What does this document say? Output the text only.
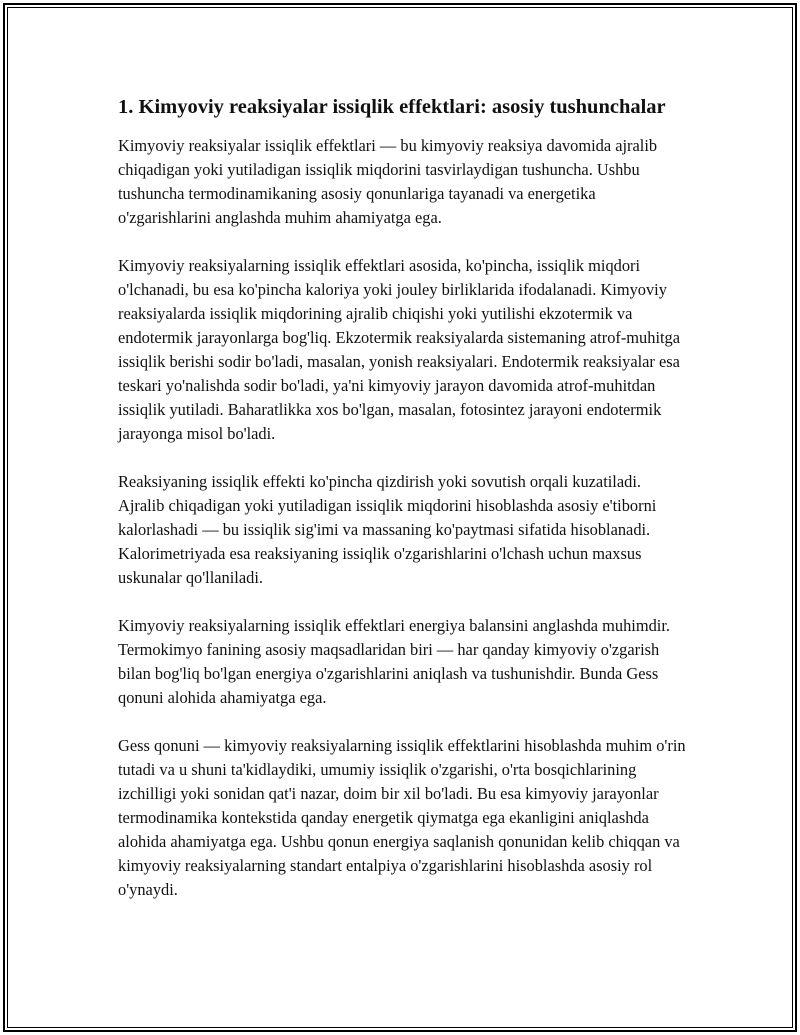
1. Kimyoviy reaksiyalar issiqlik effektlari: asosiy tushunchalar

Kimyoviy reaksiyalar issiqlik effektlari — bu kimyoviy reaksiya davomida ajralib chiqadigan yoki yutiladigan issiqlik miqdorini tasvirlaydigan tushuncha. Ushbu tushuncha termodinamikaning asosiy qonunlariga tayanadi va energetika o'zgarishlarini anglashda muhim ahamiyatga ega.

Kimyoviy reaksiyalarning issiqlik effektlari asosida, ko'pincha, issiqlik miqdori o'lchanadi, bu esa ko'pincha kaloriya yoki jouley birliklarida ifodalanadi. Kimyoviy reaksiyalarda issiqlik miqdorining ajralib chiqishi yoki yutilishi ekzotermik va endotermik jarayonlarga bog'liq. Ekzotermik reaksiyalarda sistemaning atrof-muhitga issiqlik berishi sodir bo'ladi, masalan, yonish reaksiyalari. Endotermik reaksiyalar esa teskari yo'nalishda sodir bo'ladi, ya'ni kimyoviy jarayon davomida atrof-muhitdan issiqlik yutiladi. Baharatlikka xos bo'lgan, masalan, fotosintez jarayoni endotermik jarayonga misol bo'ladi.

Reaksiyaning issiqlik effekti ko'pincha qizdirish yoki sovutish orqali kuzatiladi. Ajralib chiqadigan yoki yutiladigan issiqlik miqdorini hisoblashda asosiy e'tiborni kalorlashadi — bu issiqlik sig'imi va massaning ko'paytmasi sifatida hisoblanadi. Kalorimetriyada esa reaksiyaning issiqlik o'zgarishlarini o'lchash uchun maxsus uskunalar qo'llaniladi.

Kimyoviy reaksiyalarning issiqlik effektlari energiya balansini anglashda muhimdir. Termokimyo fanining asosiy maqsadlaridan biri — har qanday kimyoviy o'zgarish bilan bog'liq bo'lgan energiya o'zgarishlarini aniqlash va tushunishdir. Bunda Gess qonuni alohida ahamiyatga ega.

Gess qonuni — kimyoviy reaksiyalarning issiqlik effektlarini hisoblashda muhim o'rin tutadi va u shuni ta'kidlaydiki, umumiy issiqlik o'zgarishi, o'rta bosqichlarining izchilligi yoki sonidan qat'i nazar, doim bir xil bo'ladi. Bu esa kimyoviy jarayonlar termodinamika kontekstida qanday energetik qiymatga ega ekanligini aniqlashda alohida ahamiyatga ega. Ushbu qonun energiya saqlanish qonunidan kelib chiqqan va kimyoviy reaksiyalarning standart entalpiya o'zgarishlarini hisoblashda asosiy rol o'ynaydi.
